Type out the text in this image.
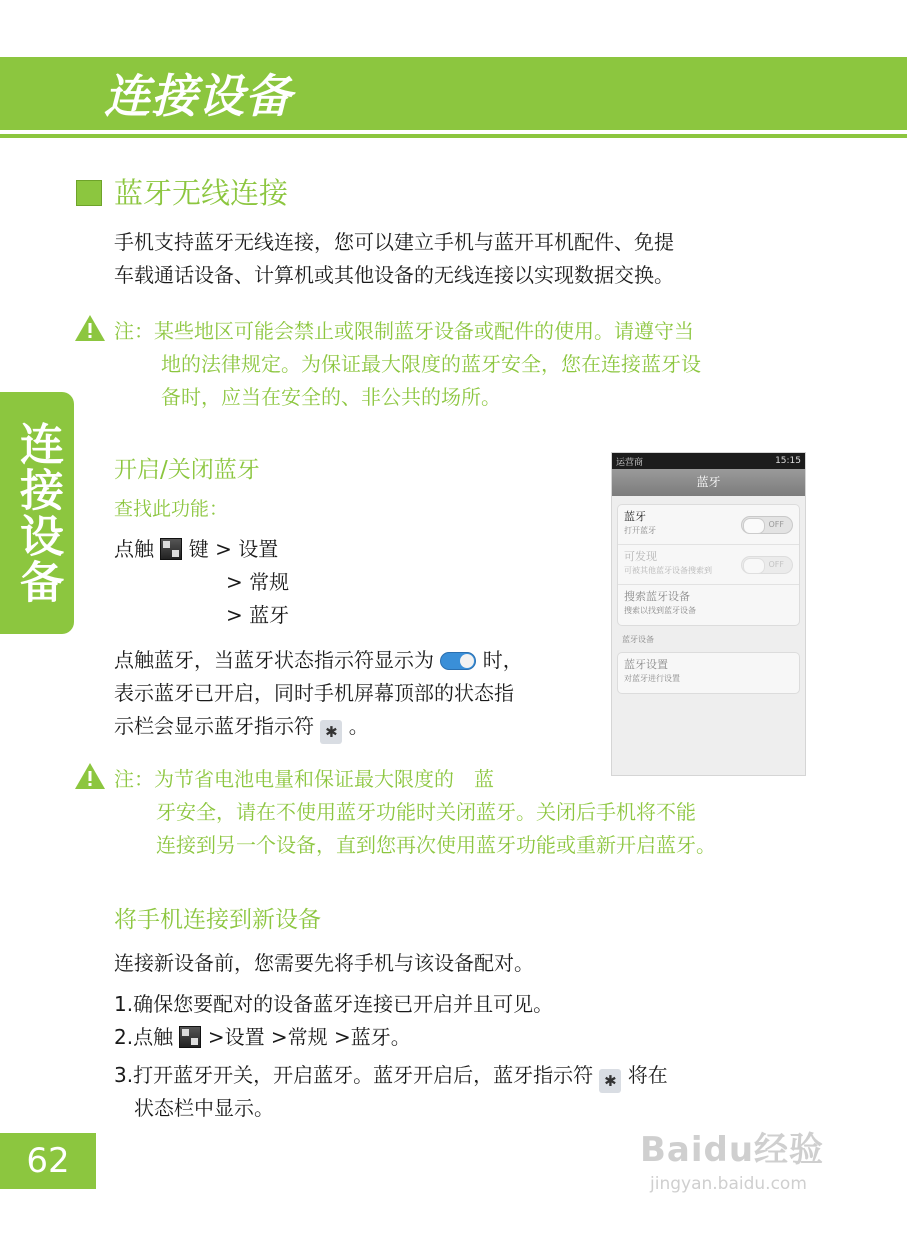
连接设备
连接设备
蓝牙无线连接
手机支持蓝牙无线连接，您可以建立手机与蓝开耳机配件、免提
车载通话设备、计算机或其他设备的无线连接以实现数据交换。
注：某些地区可能会禁止或限制蓝牙设备或配件的使用。请遵守当
地的法律规定。为保证最大限度的蓝牙安全，您在连接蓝牙设
备时，应当在安全的、非公共的场所。
开启/关闭蓝牙
查找此功能：
点触 键 > 设置
> 常规
> 蓝牙
点触蓝牙，当蓝牙状态指示符显示为 时，
表示蓝牙已开启，同时手机屏幕顶部的状态指
示栏会显示蓝牙指示符 ✱ 。
运营商	15:15
蓝牙
蓝牙
打开蓝牙
OFF
可发现
可被其他蓝牙设备搜索到
OFF
搜索蓝牙设备
搜索以找到蓝牙设备
蓝牙设备
蓝牙设置
对蓝牙进行设置
注：为节省电池电量和保证最大限度的　蓝
牙安全，请在不使用蓝牙功能时关闭蓝牙。关闭后手机将不能
连接到另一个设备，直到您再次使用蓝牙功能或重新开启蓝牙。
将手机连接到新设备
连接新设备前，您需要先将手机与该设备配对。
1.确保您要配对的设备蓝牙连接已开启并且可见。
2.点触 >设置 >常规 >蓝牙。
3.打开蓝牙开关，开启蓝牙。蓝牙开启后，蓝牙指示符 ✱ 将在
状态栏中显示。
62	Baidu经验
jingyan.baidu.com
